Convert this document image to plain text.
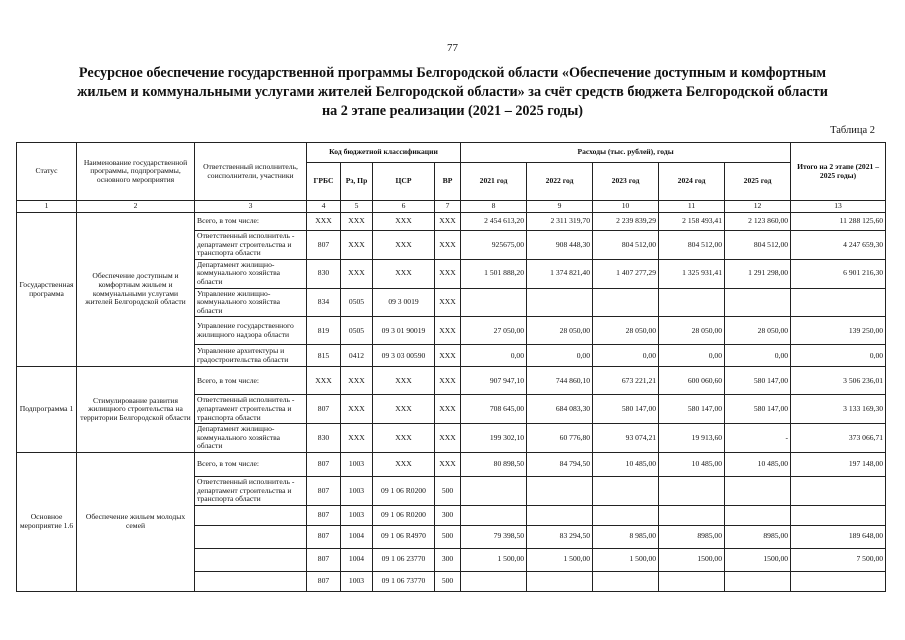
77
Ресурсное обеспечение государственной программы Белгородской области «Обеспечение доступным и комфортным
жильем и коммунальными услугами жителей Белгородской области» за счёт средств бюджета Белгородской области
на 2 этапе реализации (2021 – 2025 годы)
Таблица 2
Статус	Наименование государственной программы, подпрограммы, основного мероприятия	Ответственный исполнитель, соисполнители, участники	Код бюджетной классификации				Расходы (тыс. рублей), годы					Итого на 2 этапе (2021 – 2025 годы)
			ГРБС	Рз, Пр	ЦСР	ВР	2021 год	2022 год	2023 год	2024 год	2025 год	
1	2	3	4	5	6	7	8	9	10	11	12	13
Государственная программа	Обеспечение доступным и комфортным жильем и коммунальными услугами жителей Белгородской области	Всего, в том числе:	ХХХ	ХХХ	ХХХ	ХХХ	2 454 613,20	2 311 319,70	2 239 839,29	2 158 493,41	2 123 860,00	11 288 125,60
		Ответственный исполнитель - департамент строительства и транспорта области	807	ХХХ	ХХХ	ХХХ	925675,00	908 448,30	804 512,00	804 512,00	804 512,00	4 247 659,30
		Департамент жилищно-коммунального хозяйства области	830	ХХХ	ХХХ	ХХХ	1 501 888,20	1 374 821,40	1 407 277,29	1 325 931,41	1 291 298,00	6 901 216,30
		Управление жилищно-коммунального хозяйства области	834	0505	09 3 0019	ХХХ						
		Управление государственного жилищного надзора области	819	0505	09 3 01 90019	ХХХ	27 050,00	28 050,00	28 050,00	28 050,00	28 050,00	139 250,00
		Управление архитектуры и градостроительства области	815	0412	09 3 03 00590	ХХХ	0,00	0,00	0,00	0,00	0,00	0,00
Подпрограмма 1	Стимулирование развития жилищного строительства на территории Белгородской области	Всего, в том числе:	ХХХ	ХХХ	ХХХ	ХХХ	907 947,10	744 860,10	673 221,21	600 060,60	580 147,00	3 506 236,01
		Ответственный исполнитель - департамент строительства и транспорта области	807	ХХХ	ХХХ	ХХХ	708 645,00	684 083,30	580 147,00	580 147,00	580 147,00	3 133 169,30
		Департамент жилищно-коммунального хозяйства области	830	ХХХ	ХХХ	ХХХ	199 302,10	60 776,80	93 074,21	19 913,60	-	373 066,71
Основное мероприятие 1.6	Обеспечение жильем молодых семей	Всего, в том числе:	807	1003	ХХХ	ХХХ	80 898,50	84 794,50	10 485,00	10 485,00	10 485,00	197 148,00
		Ответственный исполнитель - департамент строительства и транспорта области	807	1003	09 1 06 R0200	500						
			807	1003	09 1 06 R0200	300						
			807	1004	09 1 06 R4970	500	79 398,50	83 294,50	8 985,00	8985,00	8985,00	189 648,00
			807	1004	09 1 06 23770	300	1 500,00	1 500,00	1 500,00	1500,00	1500,00	7 500,00
			807	1003	09 1 06 73770	500						
